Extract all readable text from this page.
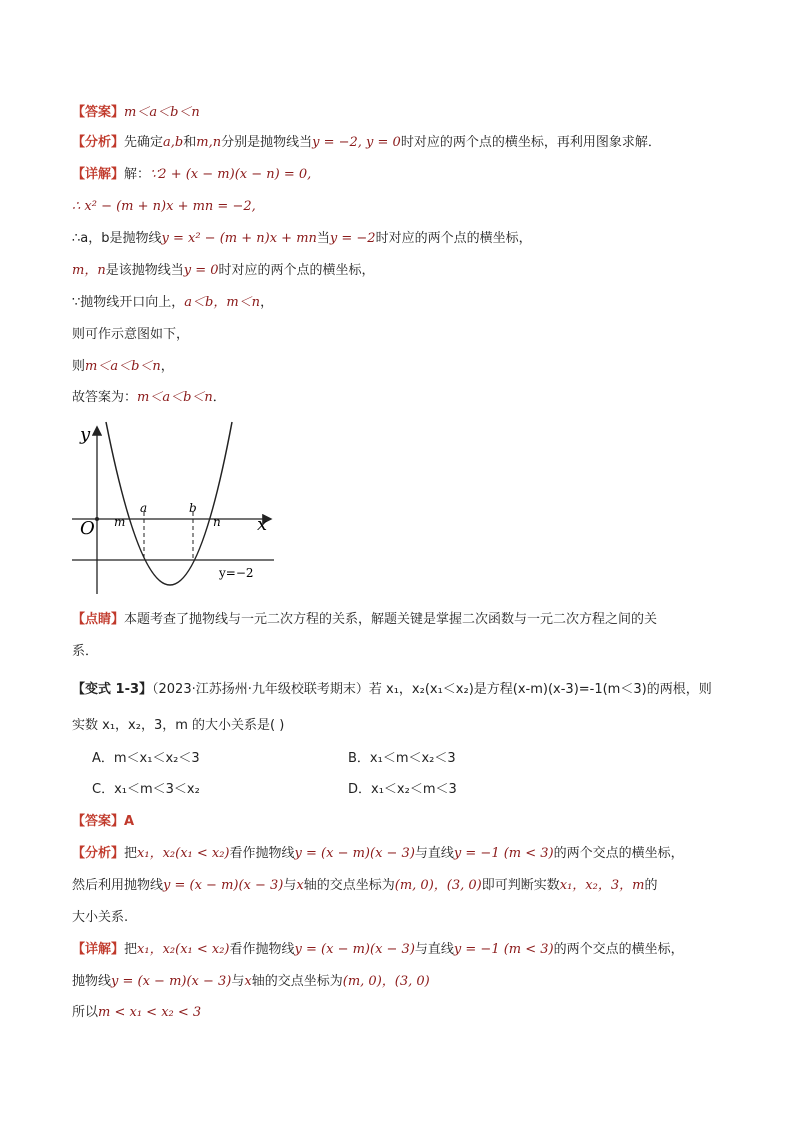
【答案】m＜a＜b＜n
【分析】先确定a,b和m,n分别是抛物线当y = −2, y = 0时对应的两个点的横坐标，再利用图象求解．
【详解】解：∵2 + (x − m)(x − n) = 0,
∴ x² − (m + n)x + mn = −2,
∴a，b是抛物线y = x² − (m + n)x + mn当y = −2时对应的两个点的横坐标，
m，n是该抛物线当y = 0时对应的两个点的横坐标，
∵抛物线开口向上，a＜b，m＜n，
则可作示意图如下，
则m＜a＜b＜n，
故答案为：m＜a＜b＜n．
y
x
O m
a	b
n
y=−2
【点睛】本题考查了抛物线与一元二次方程的关系，解题关键是掌握二次函数与一元二次方程之间的关
系．
【变式 1-3】（2023·江苏扬州·九年级校联考期末）若 x₁，x₂(x₁＜x₂)是方程(x-m)(x-3)=-1(m＜3)的两根，则
实数 x₁，x₂，3，m 的大小关系是( )
A．m＜x₁＜x₂＜3	B．x₁＜m＜x₂＜3
C．x₁＜m＜3＜x₂	D．x₁＜x₂＜m＜3
【答案】A
【分析】把x₁，x₂(x₁ < x₂)看作抛物线y = (x − m)(x − 3)与直线y = −1 (m < 3)的两个交点的横坐标，
然后利用抛物线y = (x − m)(x − 3)与x轴的交点坐标为(m, 0)，(3, 0)即可判断实数x₁，x₂，3，m的
大小关系.
【详解】把x₁，x₂(x₁ < x₂)看作抛物线y = (x − m)(x − 3)与直线y = −1 (m < 3)的两个交点的横坐标，
抛物线y = (x − m)(x − 3)与x轴的交点坐标为(m, 0)，(3, 0)
所以m < x₁ < x₂ < 3
